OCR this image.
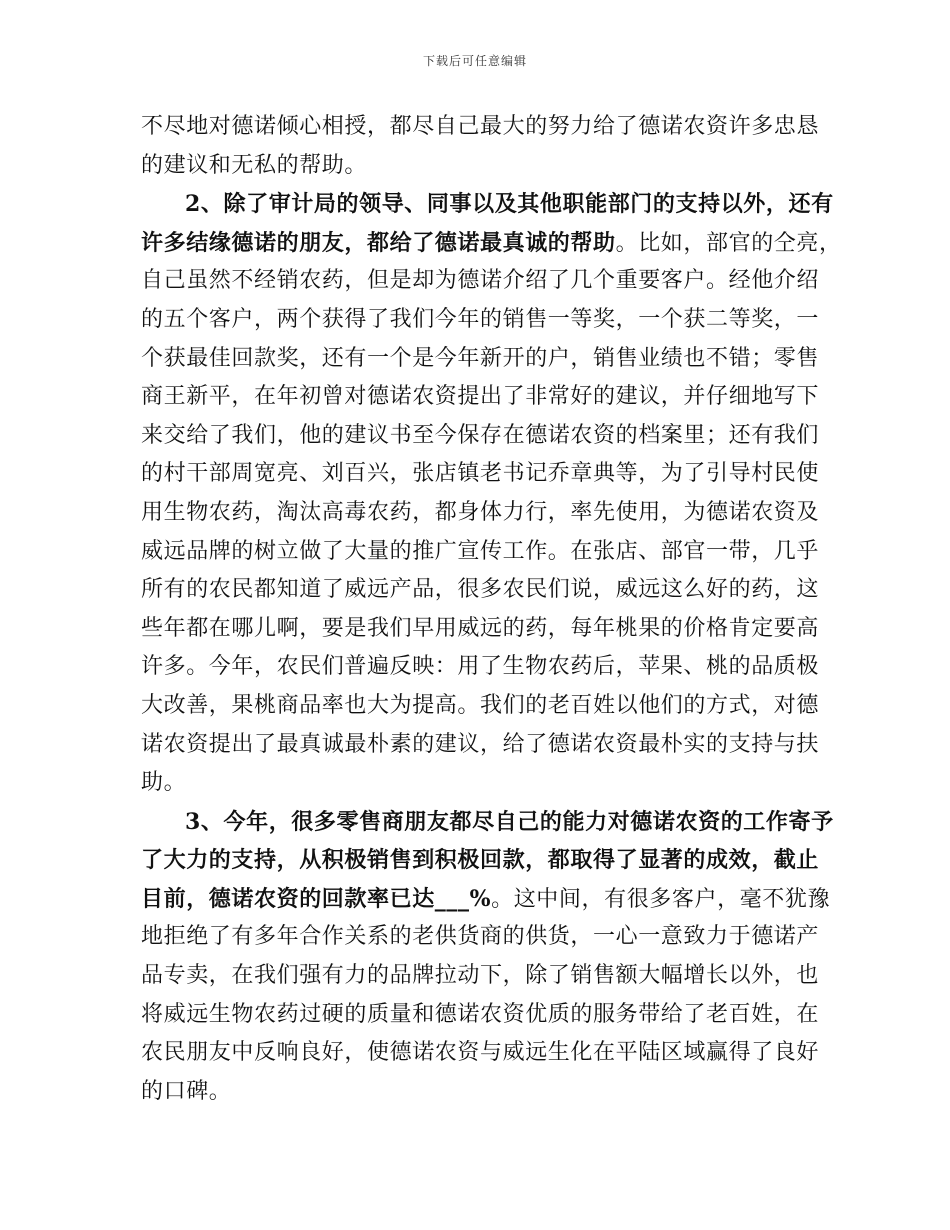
下载后可任意编辑
不尽地对德诺倾心相授，都尽自己最大的努力给了德诺农资许多忠恳
的建议和无私的帮助。
2、除了审计局的领导、同事以及其他职能部门的支持以外，还有
许多结缘德诺的朋友，都给了德诺最真诚的帮助。比如，部官的仝亮，
自己虽然不经销农药，但是却为德诺介绍了几个重要客户。经他介绍
的五个客户，两个获得了我们今年的销售一等奖，一个获二等奖，一
个获最佳回款奖，还有一个是今年新开的户，销售业绩也不错；零售
商王新平，在年初曾对德诺农资提出了非常好的建议，并仔细地写下
来交给了我们，他的建议书至今保存在德诺农资的档案里；还有我们
的村干部周宽亮、刘百兴，张店镇老书记乔章典等，为了引导村民使
用生物农药，淘汰高毒农药，都身体力行，率先使用，为德诺农资及
威远品牌的树立做了大量的推广宣传工作。在张店、部官一带，几乎
所有的农民都知道了威远产品，很多农民们说，威远这么好的药，这
些年都在哪儿啊，要是我们早用威远的药，每年桃果的价格肯定要高
许多。今年，农民们普遍反映：用了生物农药后，苹果、桃的品质极
大改善，果桃商品率也大为提高。我们的老百姓以他们的方式，对德
诺农资提出了最真诚最朴素的建议，给了德诺农资最朴实的支持与扶
助。
3、今年，很多零售商朋友都尽自己的能力对德诺农资的工作寄予
了大力的支持，从积极销售到积极回款，都取得了显著的成效，截止
目前，德诺农资的回款率已达___%。这中间，有很多客户，毫不犹豫
地拒绝了有多年合作关系的老供货商的供货，一心一意致力于德诺产
品专卖，在我们强有力的品牌拉动下，除了销售额大幅增长以外，也
将威远生物农药过硬的质量和德诺农资优质的服务带给了老百姓，在
农民朋友中反响良好，使德诺农资与威远生化在平陆区域赢得了良好
的口碑。
